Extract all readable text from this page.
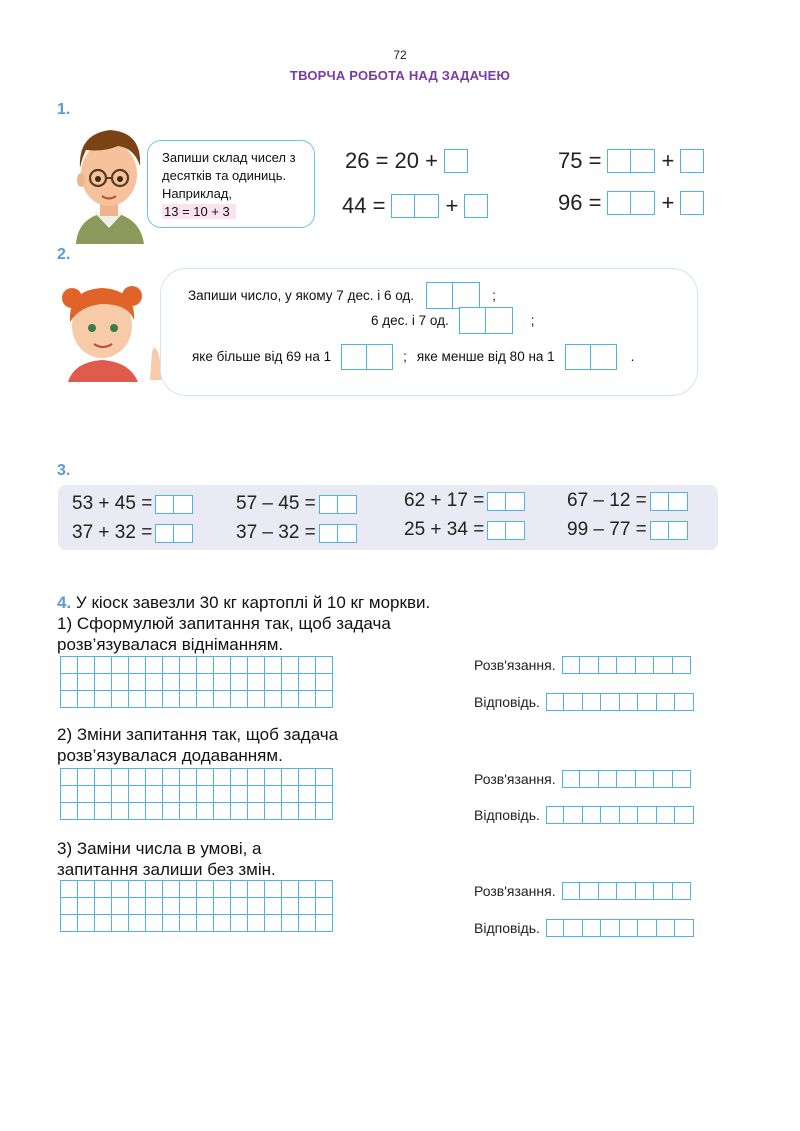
72
ТВОРЧА РОБОТА НАД ЗАДАЧЕЮ
1.
Запиши склад чисел з
десятків та одиниць.
Наприклад,
13 = 10 + 3
26 = 20 +
44 =	+
75 =	+
96 =	+
2.
Запиши число, у якому 7 дес. і 6 од.	;
6 дес. і 7 од.	;
яке більше від 69 на 1	; яке менше від 80 на 1	.
3.
53 + 45 =	57 – 45 =	62 + 17 =	67 – 12 =
37 + 32 =	37 – 32 =	25 + 34 =	99 – 77 =
4. У кіоск завезли 30 кг картоплі й 10 кг моркви.
1) Сформулюй запитання так, щоб задача
розв’язувалася відніманням.

Розв'язання.
Відповідь.
2) Зміни запитання так, щоб задача
розв’язувалася додаванням.

Розв'язання.
Відповідь.
3) Заміни числа в умові, а
запитання залиши без змін.

Розв'язання.
Відповідь.
